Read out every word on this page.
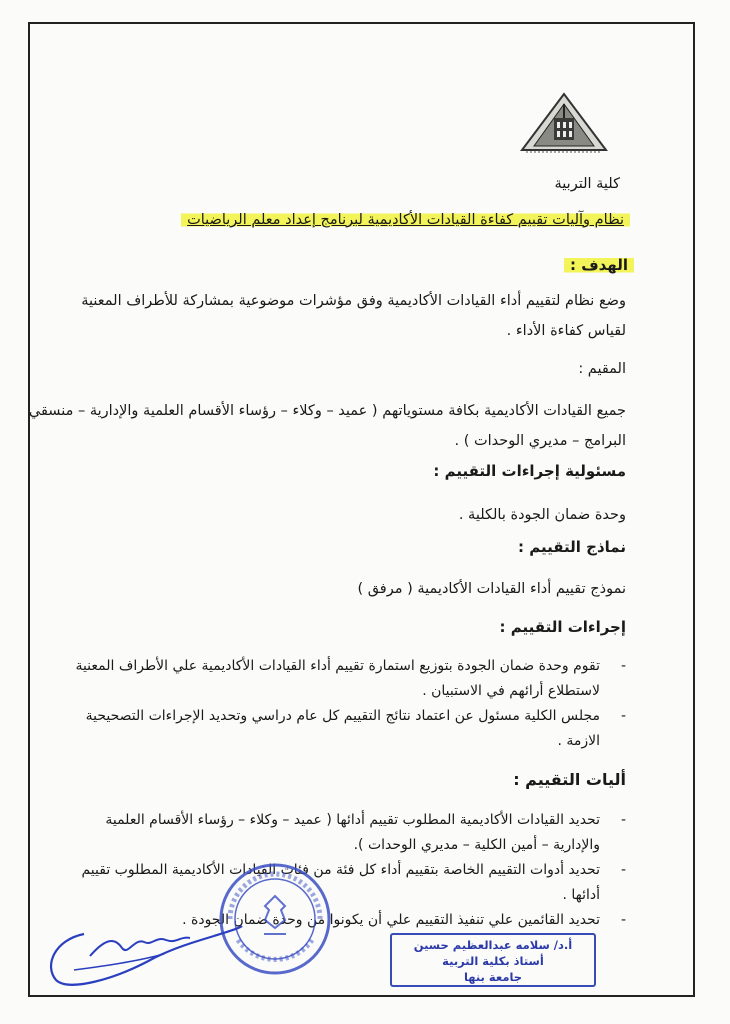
كلية التربية
نظام وآليات تقييم كفاءة القيادات الأكاديمية لبرنامج إعداد معلم الرياضيات
الهدف :
وضع نظام لتقييم أداء القيادات الأكاديمية وفق مؤشرات موضوعية بمشاركة للأطراف المعنية لقياس كفاءة الأداء .
المقيم :
جميع القيادات الأكاديمية بكافة مستوياتهم ( عميد – وكلاء – رؤساء الأقسام العلمية والإدارية – منسقي البرامج – مديري الوحدات ) .
مسئولية إجراءات التقييم :
وحدة ضمان الجودة بالكلية .
نماذج التقييم :
نموذج تقييم أداء القيادات الأكاديمية ( مرفق )
إجراءات التقييم :
- تقوم وحدة ضمان الجودة بتوزيع استمارة تقييم أداء القيادات الأكاديمية علي الأطراف المعنية لاستطلاع أرائهم في الاستبيان .
- مجلس الكلية مسئول عن اعتماد نتائج التقييم كل عام دراسي وتحديد الإجراءات التصحيحية الازمة .
أليات التقييم :
- تحديد القيادات الأكاديمية المطلوب تقييم أدائها ( عميد – وكلاء – رؤساء الأقسام العلمية والإدارية – أمين الكلية – مديري الوحدات ).
- تحديد أدوات التقييم الخاصة بتقييم أداء كل فئة من فئات القيادات الأكاديمية المطلوب تقييم أدائها .
- تحديد القائمين علي تنفيذ التقييم علي أن يكونوا من وحدة ضمان الجودة .
أ.د/ سلامه عبدالعظيم حسين
أستاذ بكلية التربية
جامعة بنها
